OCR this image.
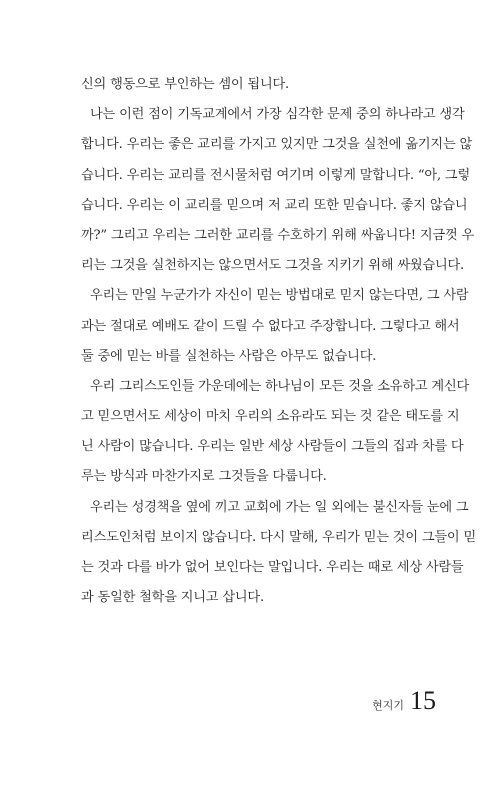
신의 행동으로 부인하는 셈이 됩니다.
나는 이런 점이 기독교계에서 가장 심각한 문제 중의 하나라고 생각
합니다. 우리는 좋은 교리를 가지고 있지만 그것을 실천에 옮기지는 않
습니다. 우리는 교리를 전시물처럼 여기며 이렇게 말합니다. “아, 그렇
습니다. 우리는 이 교리를 믿으며 저 교리 또한 믿습니다. 좋지 않습니
까?” 그리고 우리는 그러한 교리를 수호하기 위해 싸웁니다! 지금껏 우
리는 그것을 실천하지는 않으면서도 그것을 지키기 위해 싸웠습니다.
우리는 만일 누군가가 자신이 믿는 방법대로 믿지 않는다면, 그 사람
과는 절대로 예배도 같이 드릴 수 없다고 주장합니다. 그렇다고 해서
둘 중에 믿는 바를 실천하는 사람은 아무도 없습니다.
우리 그리스도인들 가운데에는 하나님이 모든 것을 소유하고 계신다
고 믿으면서도 세상이 마치 우리의 소유라도 되는 것 같은 태도를 지
닌 사람이 많습니다. 우리는 일반 세상 사람들이 그들의 집과 차를 다
루는 방식과 마찬가지로 그것들을 다룹니다.
우리는 성경책을 옆에 끼고 교회에 가는 일 외에는 불신자들 눈에 그
리스도인처럼 보이지 않습니다. 다시 말해, 우리가 믿는 것이 그들이 믿
는 것과 다를 바가 없어 보인다는 말입니다. 우리는 때로 세상 사람들
과 동일한 철학을 지니고 삽니다.
현지기 15
